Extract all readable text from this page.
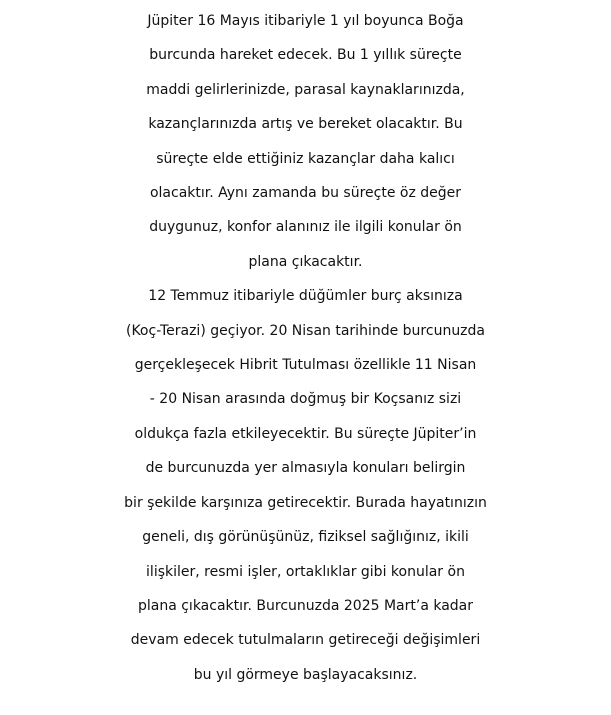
Jüpiter 16 Mayıs itibariyle 1 yıl boyunca Boğa
burcunda hareket edecek. Bu 1 yıllık süreçte
maddi gelirlerinizde, parasal kaynaklarınızda,
kazançlarınızda artış ve bereket olacaktır. Bu
süreçte elde ettiğiniz kazançlar daha kalıcı
olacaktır. Aynı zamanda bu süreçte öz değer
duygunuz, konfor alanınız ile ilgili konular ön
plana çıkacaktır.

12 Temmuz itibariyle düğümler burç aksınıza
(Koç-Terazi) geçiyor. 20 Nisan tarihinde burcunuzda
gerçekleşecek Hibrit Tutulması özellikle 11 Nisan
- 20 Nisan arasında doğmuş bir Koçsanız sizi
oldukça fazla etkileyecektir. Bu süreçte Jüpiter’in
de burcunuzda yer almasıyla konuları belirgin
bir şekilde karşınıza getirecektir. Burada hayatınızın
geneli, dış görünüşünüz, fiziksel sağlığınız, ikili
ilişkiler, resmi işler, ortaklıklar gibi konular ön
plana çıkacaktır. Burcunuzda 2025 Mart’a kadar
devam edecek tutulmaların getireceği değişimleri
bu yıl görmeye başlayacaksınız.
